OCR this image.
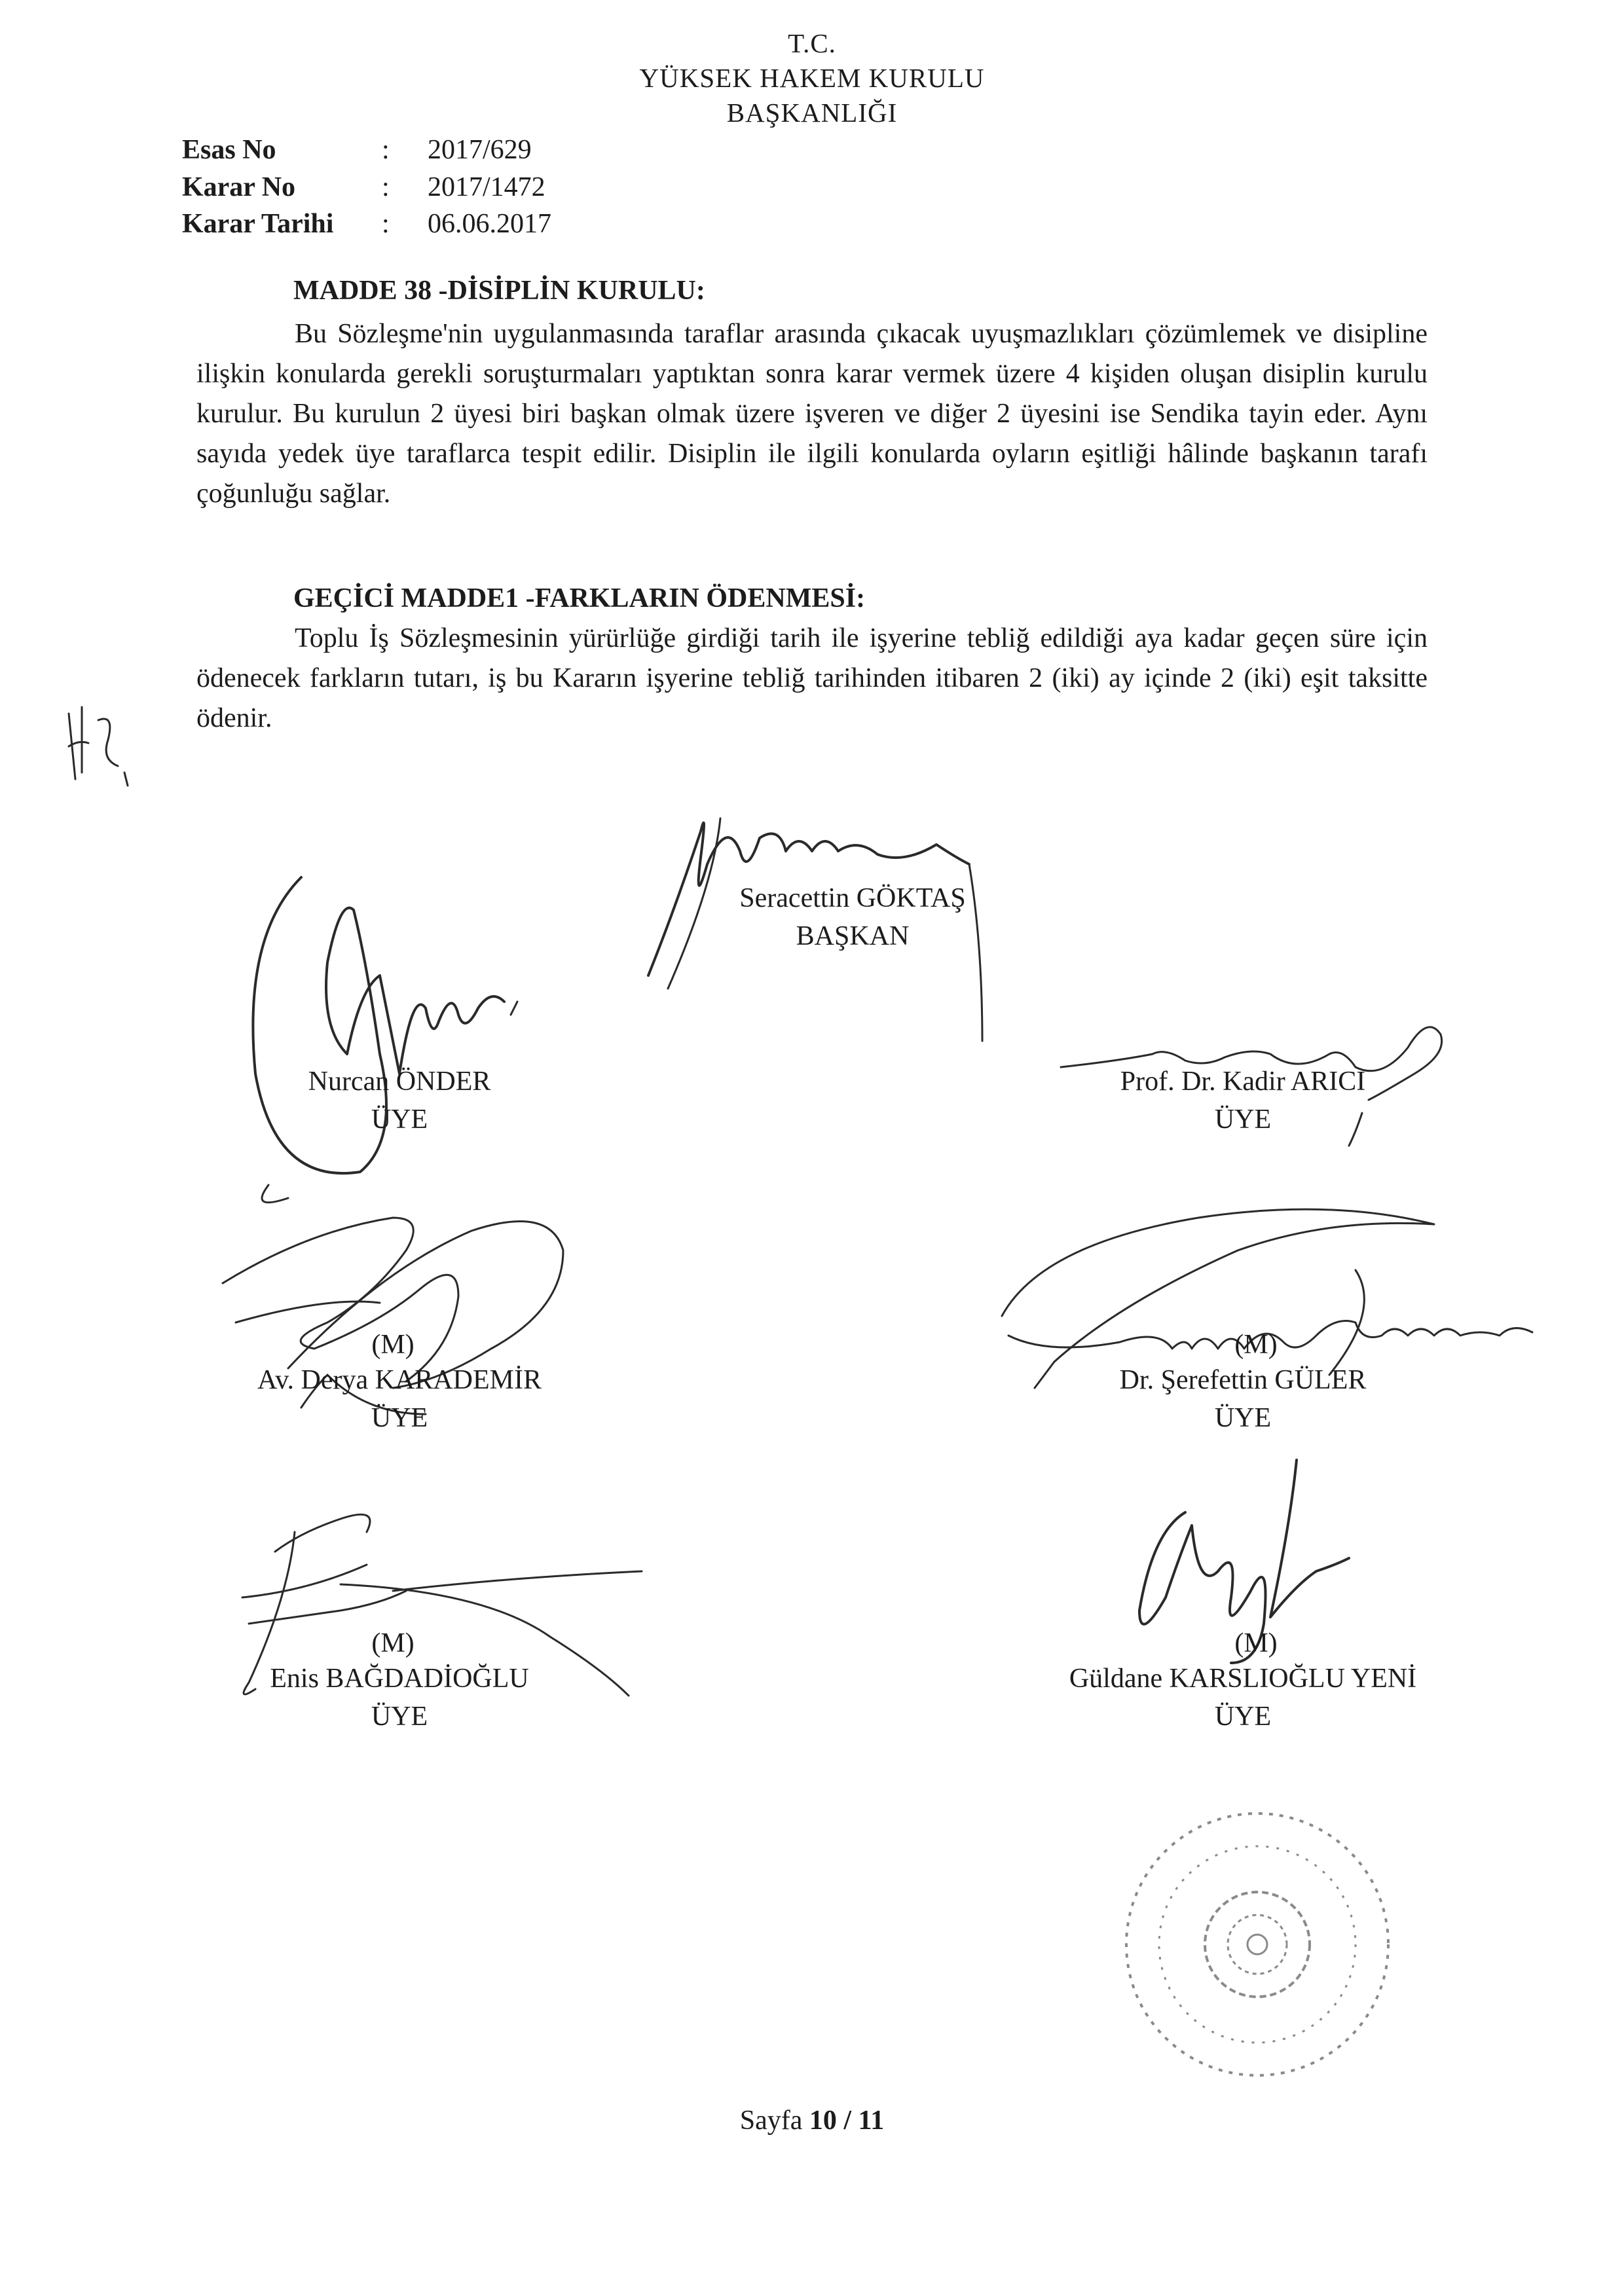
T.C.
YÜKSEK HAKEM KURULU
BAŞKANLIĞI
Esas No	: 2017/629
Karar No	: 2017/1472
Karar Tarihi : 06.06.2017
MADDE 38 -DİSİPLİN KURULU:
Bu Sözleşme'nin uygulanmasında taraflar arasında çıkacak uyuşmazlıkları çözümlemek ve disipline ilişkin konularda gerekli soruşturmaları yaptıktan sonra karar vermek üzere 4 kişiden oluşan disiplin kurulu kurulur. Bu kurulun 2 üyesi biri başkan olmak üzere işveren ve diğer 2 üyesini ise Sendika tayin eder. Aynı sayıda yedek üye taraflarca tespit edilir. Disiplin ile ilgili konularda oyların eşitliği hâlinde başkanın tarafı çoğunluğu sağlar.
GEÇİCİ MADDE1 -FARKLARIN ÖDENMESİ:
Toplu İş Sözleşmesinin yürürlüğe girdiği tarih ile işyerine tebliğ edildiği aya kadar geçen süre için ödenecek farkların tutarı, iş bu Kararın işyerine tebliğ tarihinden itibaren 2 (iki) ay içinde 2 (iki) eşit taksitte ödenir.
Seracettin GÖKTAŞ
BAŞKAN
Nurcan ÖNDER
ÜYE
Prof. Dr. Kadir ARICI
ÜYE
(M)
Av. Derya KARADEMİR
ÜYE
(M)
Dr. Şerefettin GÜLER
ÜYE
(M)
Enis BAĞDADİOĞLU
ÜYE
(M)
Güldane KARSLIOĞLU YENİ
ÜYE
Sayfa 10 / 11
